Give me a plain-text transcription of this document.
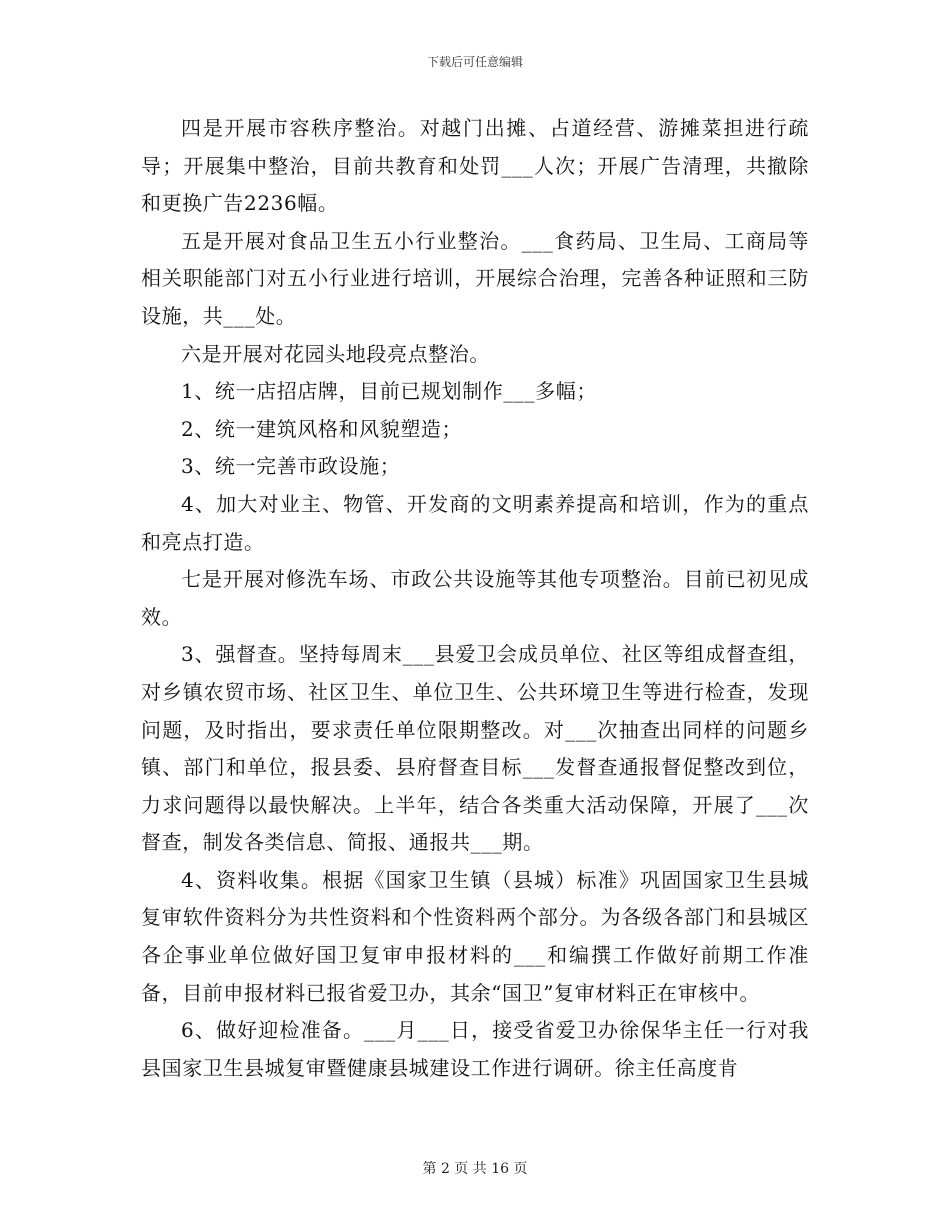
下载后可任意编辑

四是开展市容秩序整治。对越门出摊、占道经营、游摊菜担进行疏导；开展集中整治，目前共教育和处罚___人次；开展广告清理，共撤除和更换广告2236幅。

五是开展对食品卫生五小行业整治。___食药局、卫生局、工商局等相关职能部门对五小行业进行培训，开展综合治理，完善各种证照和三防设施，共___处。

六是开展对花园头地段亮点整治。

1、统一店招店牌，目前已规划制作___多幅；

2、统一建筑风格和风貌塑造；

3、统一完善市政设施；

4、加大对业主、物管、开发商的文明素养提高和培训，作为的重点和亮点打造。

七是开展对修洗车场、市政公共设施等其他专项整治。目前已初见成效。

3、强督查。坚持每周末___县爱卫会成员单位、社区等组成督查组，对乡镇农贸市场、社区卫生、单位卫生、公共环境卫生等进行检查，发现问题，及时指出，要求责任单位限期整改。对___次抽查出同样的问题乡镇、部门和单位，报县委、县府督查目标___发督查通报督促整改到位，力求问题得以最快解决。上半年，结合各类重大活动保障，开展了___次督查，制发各类信息、简报、通报共___期。

4、资料收集。根据《国家卫生镇（县城）标准》巩固国家卫生县城复审软件资料分为共性资料和个性资料两个部分。为各级各部门和县城区各企事业单位做好国卫复审申报材料的___和编撰工作做好前期工作准备，目前申报材料已报省爱卫办，其余“国卫”复审材料正在审核中。

6、做好迎检准备。___月___日，接受省爱卫办徐保华主任一行对我县国家卫生县城复审暨健康县城建设工作进行调研。徐主任高度肯

第 2 页 共 16 页
